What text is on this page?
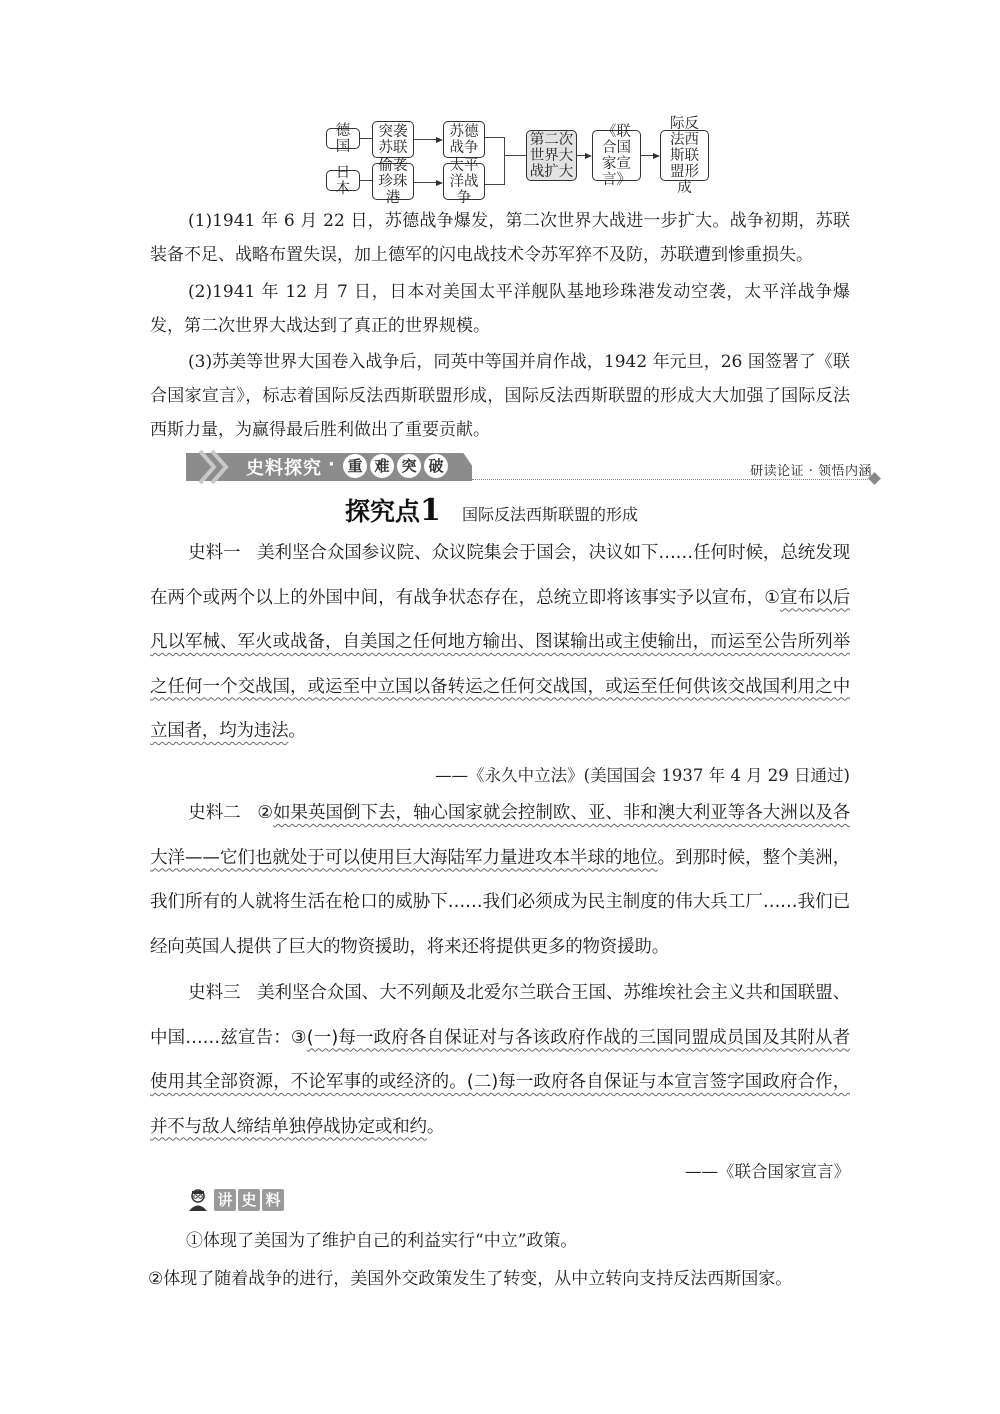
德国
突袭苏联
苏德战争
日本
偷袭珍珠港
太平洋战争
第二次世界大战扩大
《联合国家宣言》
际反法西斯联盟形成
(1)1941 年 6 月 22 日，苏德战争爆发，第二次世界大战进一步扩大。战争初期，苏联装备不足、战略布置失误，加上德军的闪电战技术令苏军猝不及防，苏联遭到惨重损失。
(2)1941 年 12 月 7 日，日本对美国太平洋舰队基地珍珠港发动空袭，太平洋战争爆发，第二次世界大战达到了真正的世界规模。
(3)苏美等世界大国卷入战争后，同英中等国并肩作战，1942 年元旦，26 国签署了《联合国家宣言》，标志着国际反法西斯联盟形成，国际反法西斯联盟的形成大大加强了国际反法西斯力量，为赢得最后胜利做出了重要贡献。
史料探究 · 重 难 突 破	研读论证 · 领悟内涵
探究点1 国际反法西斯联盟的形成
史料一 美利坚合众国参议院、众议院集会于国会，决议如下……任何时候，总统发现在两个或两个以上的外国中间，有战争状态存在，总统立即将该事实予以宣布，①宣布以后凡以军械、军火或战备，自美国之任何地方输出、图谋输出或主使输出，而运至公告所列举之任何一个交战国，或运至中立国以备转运之任何交战国，或运至任何供该交战国利用之中立国者，均为违法。
——《永久中立法》(美国国会 1937 年 4 月 29 日通过)
史料二 ②如果英国倒下去，轴心国家就会控制欧、亚、非和澳大利亚等各大洲以及各大洋——它们也就处于可以使用巨大海陆军力量进攻本半球的地位。到那时候，整个美洲，我们所有的人就将生活在枪口的威胁下……我们必须成为民主制度的伟大兵工厂……我们已经向英国人提供了巨大的物资援助，将来还将提供更多的物资援助。
史料三 美利坚合众国、大不列颠及北爱尔兰联合王国、苏维埃社会主义共和国联盟、中国……兹宣告：③(一)每一政府各自保证对与各该政府作战的三国同盟成员国及其附从者使用其全部资源，不论军事的或经济的。(二)每一政府各自保证与本宣言签字国政府合作，并不与敌人缔结单独停战协定或和约。
——《联合国家宣言》
讲 史 料
①体现了美国为了维护自己的利益实行“中立”政策。
②体现了随着战争的进行，美国外交政策发生了转变，从中立转向支持反法西斯国家。
